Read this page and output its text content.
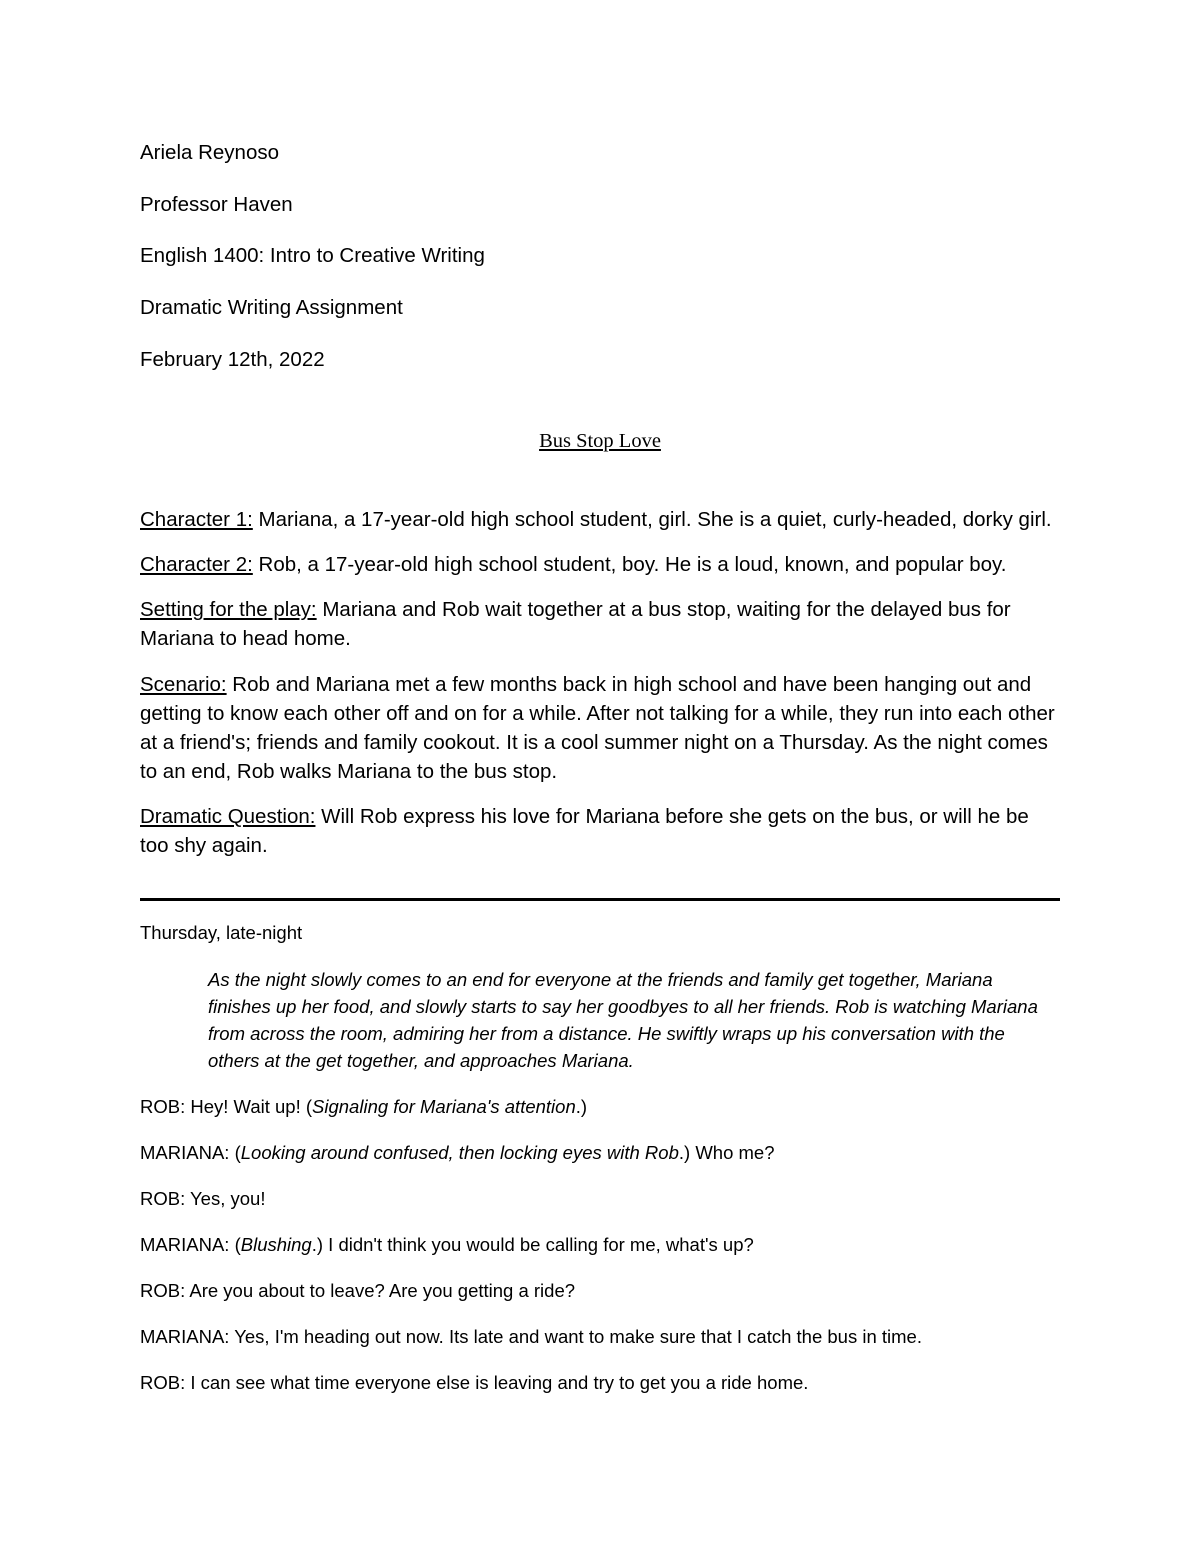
Ariela Reynoso

Professor Haven

English 1400: Intro to Creative Writing

Dramatic Writing Assignment

February 12th, 2022

Bus Stop Love

Character 1: Mariana, a 17-year-old high school student, girl. She is a quiet, curly-headed, dorky girl.

Character 2: Rob, a 17-year-old high school student, boy. He is a loud, known, and popular boy.

Setting for the play: Mariana and Rob wait together at a bus stop, waiting for the delayed bus for Mariana to head home.

Scenario: Rob and Mariana met a few months back in high school and have been hanging out and getting to know each other off and on for a while. After not talking for a while, they run into each other at a friend's; friends and family cookout. It is a cool summer night on a Thursday. As the night comes to an end, Rob walks Mariana to the bus stop.

Dramatic Question: Will Rob express his love for Mariana before she gets on the bus, or will he be too shy again.

Thursday, late-night

As the night slowly comes to an end for everyone at the friends and family get together, Mariana finishes up her food, and slowly starts to say her goodbyes to all her friends. Rob is watching Mariana from across the room, admiring her from a distance. He swiftly wraps up his conversation with the others at the get together, and approaches Mariana.

ROB: Hey! Wait up! (Signaling for Mariana's attention.)

MARIANA: (Looking around confused, then locking eyes with Rob.) Who me?

ROB: Yes, you!

MARIANA: (Blushing.) I didn't think you would be calling for me, what's up?

ROB: Are you about to leave? Are you getting a ride?

MARIANA: Yes, I'm heading out now. Its late and want to make sure that I catch the bus in time.

ROB: I can see what time everyone else is leaving and try to get you a ride home.
